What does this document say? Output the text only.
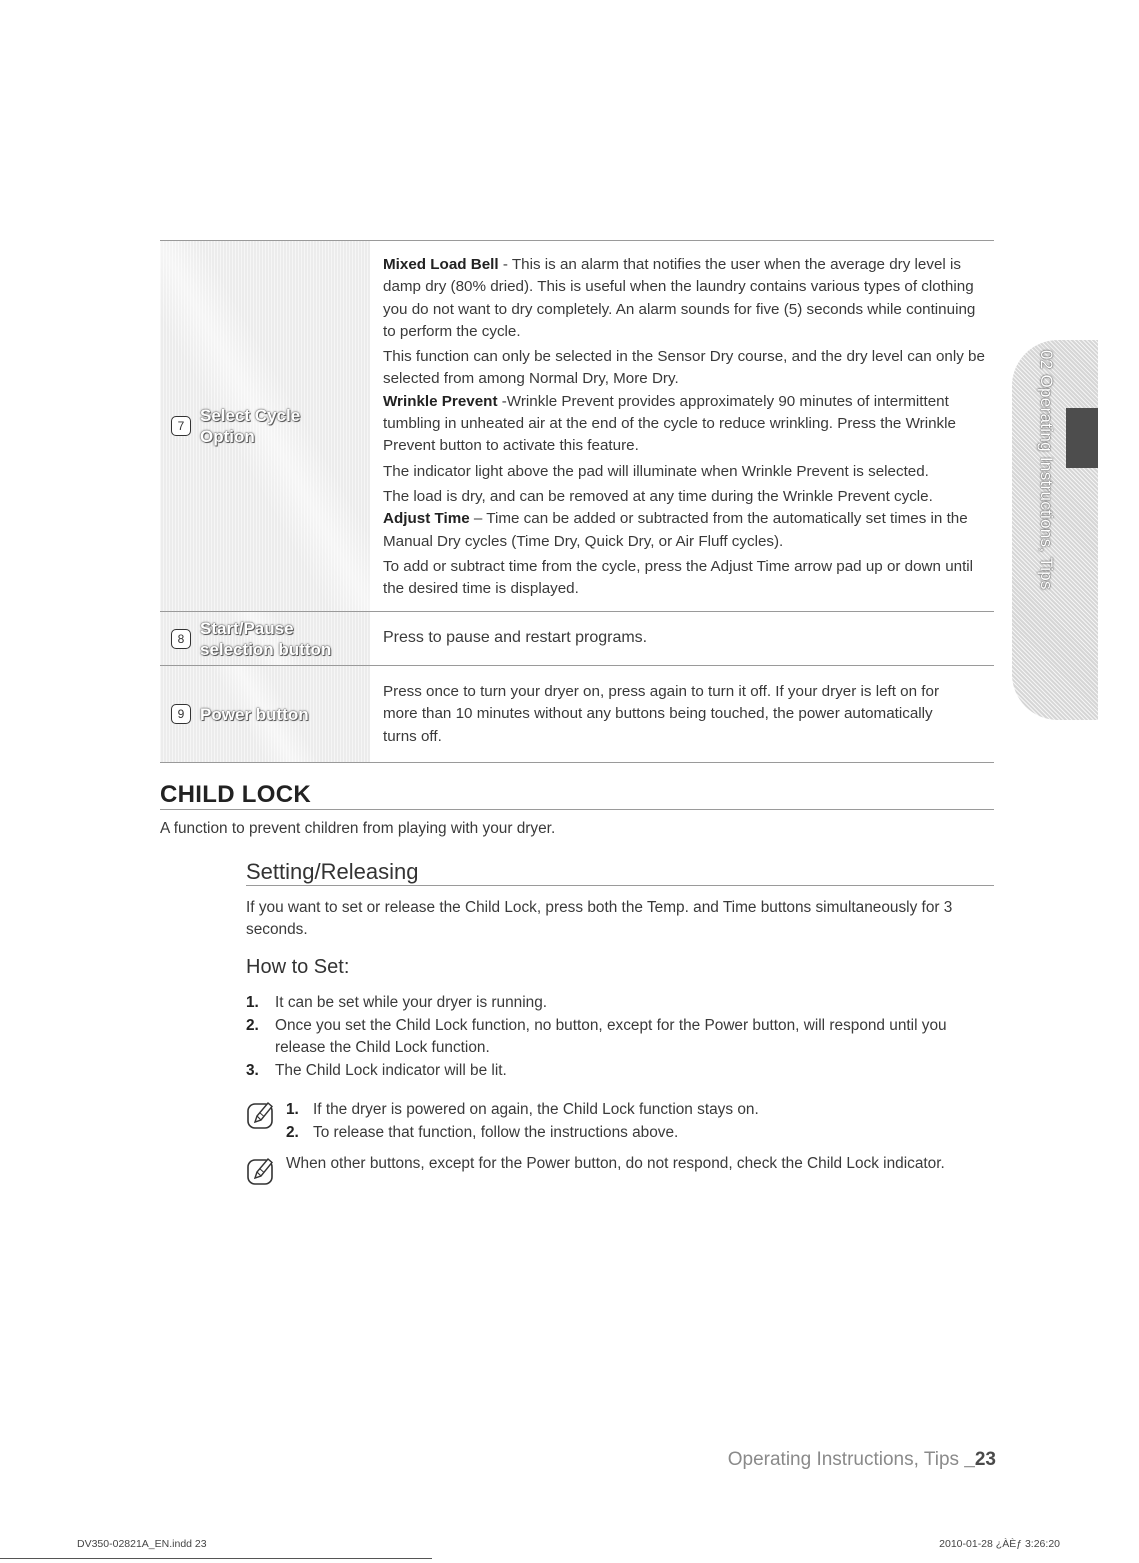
7
Select Cycle
Option

Mixed Load Bell - This is an alarm that notifies the user when the average dry level is damp dry (80% dried). This is useful when the laundry contains various types of clothing you do not want to dry completely. An alarm sounds for five (5) seconds while continuing to perform the cycle.

This function can only be selected in the Sensor Dry course, and the dry level can only be selected from among Normal Dry, More Dry.

Wrinkle Prevent -Wrinkle Prevent provides approximately 90 minutes of intermittent tumbling in unheated air at the end of the cycle to reduce wrinkling. Press the Wrinkle Prevent button to activate this feature.

The indicator light above the pad will illuminate when Wrinkle Prevent is selected.

The load is dry, and can be removed at any time during the Wrinkle Prevent cycle.

Adjust Time – Time can be added or subtracted from the automatically set times in the Manual Dry cycles (Time Dry, Quick Dry, or Air Fluff cycles).

To add or subtract time from the cycle, press the Adjust Time arrow pad up or down until the desired time is displayed.

8
Start/Pause
selection button

Press to pause and restart programs.

9 Power button

Press once to turn your dryer on, press again to turn it off. If your dryer is left on for more than 10 minutes without any buttons being touched, the power automatically turns off.

02 Operating Instructions, Tips
CHILD LOCK
A function to prevent children from playing with your dryer.
Setting/Releasing
If you want to set or release the Child Lock, press both the Temp. and Time buttons simultaneously for 3 seconds.
How to Set:
1. It can be set while your dryer is running.
2. Once you set the Child Lock function, no button, except for the Power button, will respond until you release the Child Lock function.
3. The Child Lock indicator will be lit.
1. If the dryer is powered on again, the Child Lock function stays on.
2. To release that function, follow the instructions above.
When other buttons, except for the Power button, do not respond, check the Child Lock indicator.
Operating Instructions, Tips _23
DV350-02821A_EN.indd 23	2010-01-28 ¿ÀÈƒ 3:26:20
